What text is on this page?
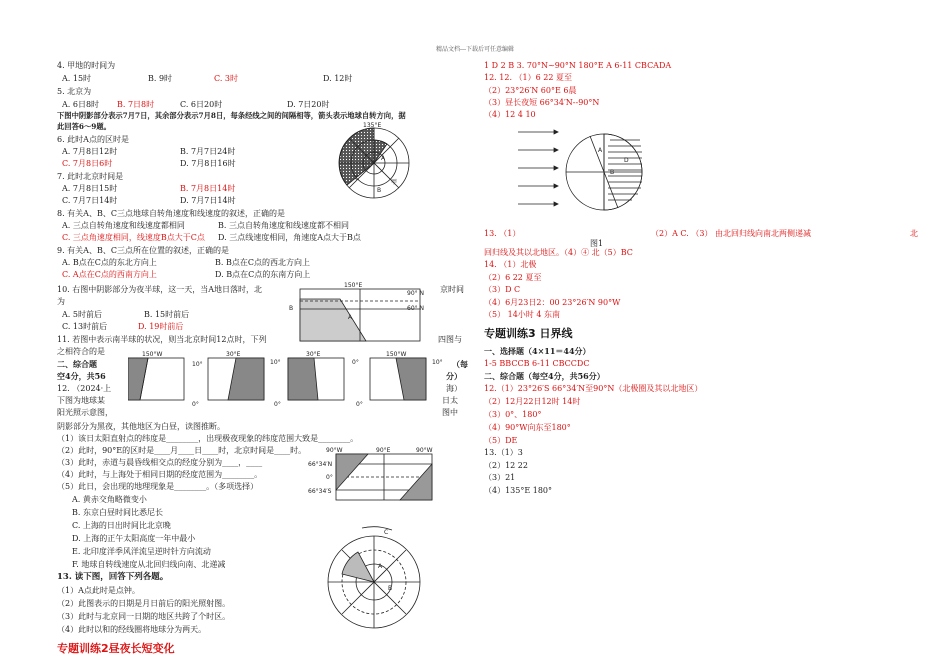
精品文档---下载后可任意编辑
4. 甲地的时间为
A. 15时	B. 9时	C. 3时	D. 12时
5. 北京为
A. 6日8时 B. 7日8时	C. 6日20时	D. 7日20时
下图中阴影部分表示7月7日，其余部分表示7月8日，每条经线之间的间隔相等，箭头表示地球自转方向，据
此回答6～9题。
6. 此时A点的区时是
A. 7月8日12时	B. 7月7日24时
C. 7月8日6时	D. 7月8日16时
7. 此时北京时间是
A. 7月8日15时	B. 7月8日14时
C. 7月7日14时	D. 7月7日14时
8. 有关A、B、C三点地球自转角速度和线速度的叙述，正确的是
A. 三点自转角速度和线速度都相同	B. 三点自转角速度和线速度都不相同
C. 三点角速度相同，线速度B点大于C点 D. 三点线速度相同，角速度A点大于B点
9. 有关A、B、C三点所在位置的叙述，正确的是
A. B点在C点的东北方向上	B. B点在C点的西北方向上
C. A点在C点的西南方向上	D. B点在C点的东南方向上
10. 右图中阴影部分为夜半球，这一天，当A地日落时，北	京时间
为
A. 5时前后	B. 15时前后
C. 13时前后	D. 19时前后
11. 若图中表示南半球的状况，则当北京时间12点时，下列	四图与
之相符合的是
二、综合题	（每
空4分，共56	分）
12. （2024·上	海）
下图为地球某	日太
阳光照示意图，	图中
阴影部分为黑夜，其他地区为白昼，读图推断。
（1）该日太阳直射点的纬度是________，出现极夜现象的纬度范围大致是________。
（2）此时，90°E的区时是____月____日____时，北京时间是____时。
（3）此时，赤道与晨昏线相交点的经度分别为____，____
（4）此时，与上海处于相同日期的经度范围为________。
（5）此日，会出现的地理现象是________。（多项选择）
A. 黄赤交角略微变小
B. 东京白昼时间比悉尼长
C. 上海的日出时间比北京晚
D. 上海的正午太阳高度一年中最小
E. 北印度洋季风洋流呈逆时针方向流动
F. 地球自转线速度从北回归线向南、北递减
13. 读下图，回答下列各题。
（1）A点此时是点钟。
（2）此图表示的日期是月日前后的阳光照射图。
（3）此时与北京同一日期的地区共跨了个时区。
（4）此时以和的经线圈将地球分为两天。
专题训练2昼夜长短变化
135°E
C
B
A
甲
150°E
90° N
60° N
B
A
150°W	30°E	30°E	150°W
10°	10°	0°	10°
0°	0°	0°
90°W	90°E	90°W
66°34′N
66°34′S
0°
C
A
B
1 D 2 B 3. 70°N~90°N 180°E A 6-11 CBCADA
12. 12. （1）6 22 夏至
（2）23°26′N 60°E 6晨
（3）昼长夜短 66°34′N--90°N
（4）12 4 10
A
B
D
图1
13. （1）	（2）A C. （3） 由北回归线向南北两侧递减	北
回归线及其以北地区。（4）④ 北（5）BC
14. （1）北极
（2）6 22 夏至
（3）D C
（4）6月23日2：00 23°26′N 90°W
（5） 14小时 4 东南
专题训练3 日界线
一、选择题（4×11＝44分）
1-5 BBCCB 6-11 CBCCDC
二、综合题（每空4分，共56分）
12.（1）23°26′S 66°34′N至90°N（北极圈及其以北地区）
（2）12月22日12时 14时
（3）0°、180°
（4）90°W向东至180°
（5）DE
13.（1）3
（2）12 22
（3）21
（4）135°E 180°
